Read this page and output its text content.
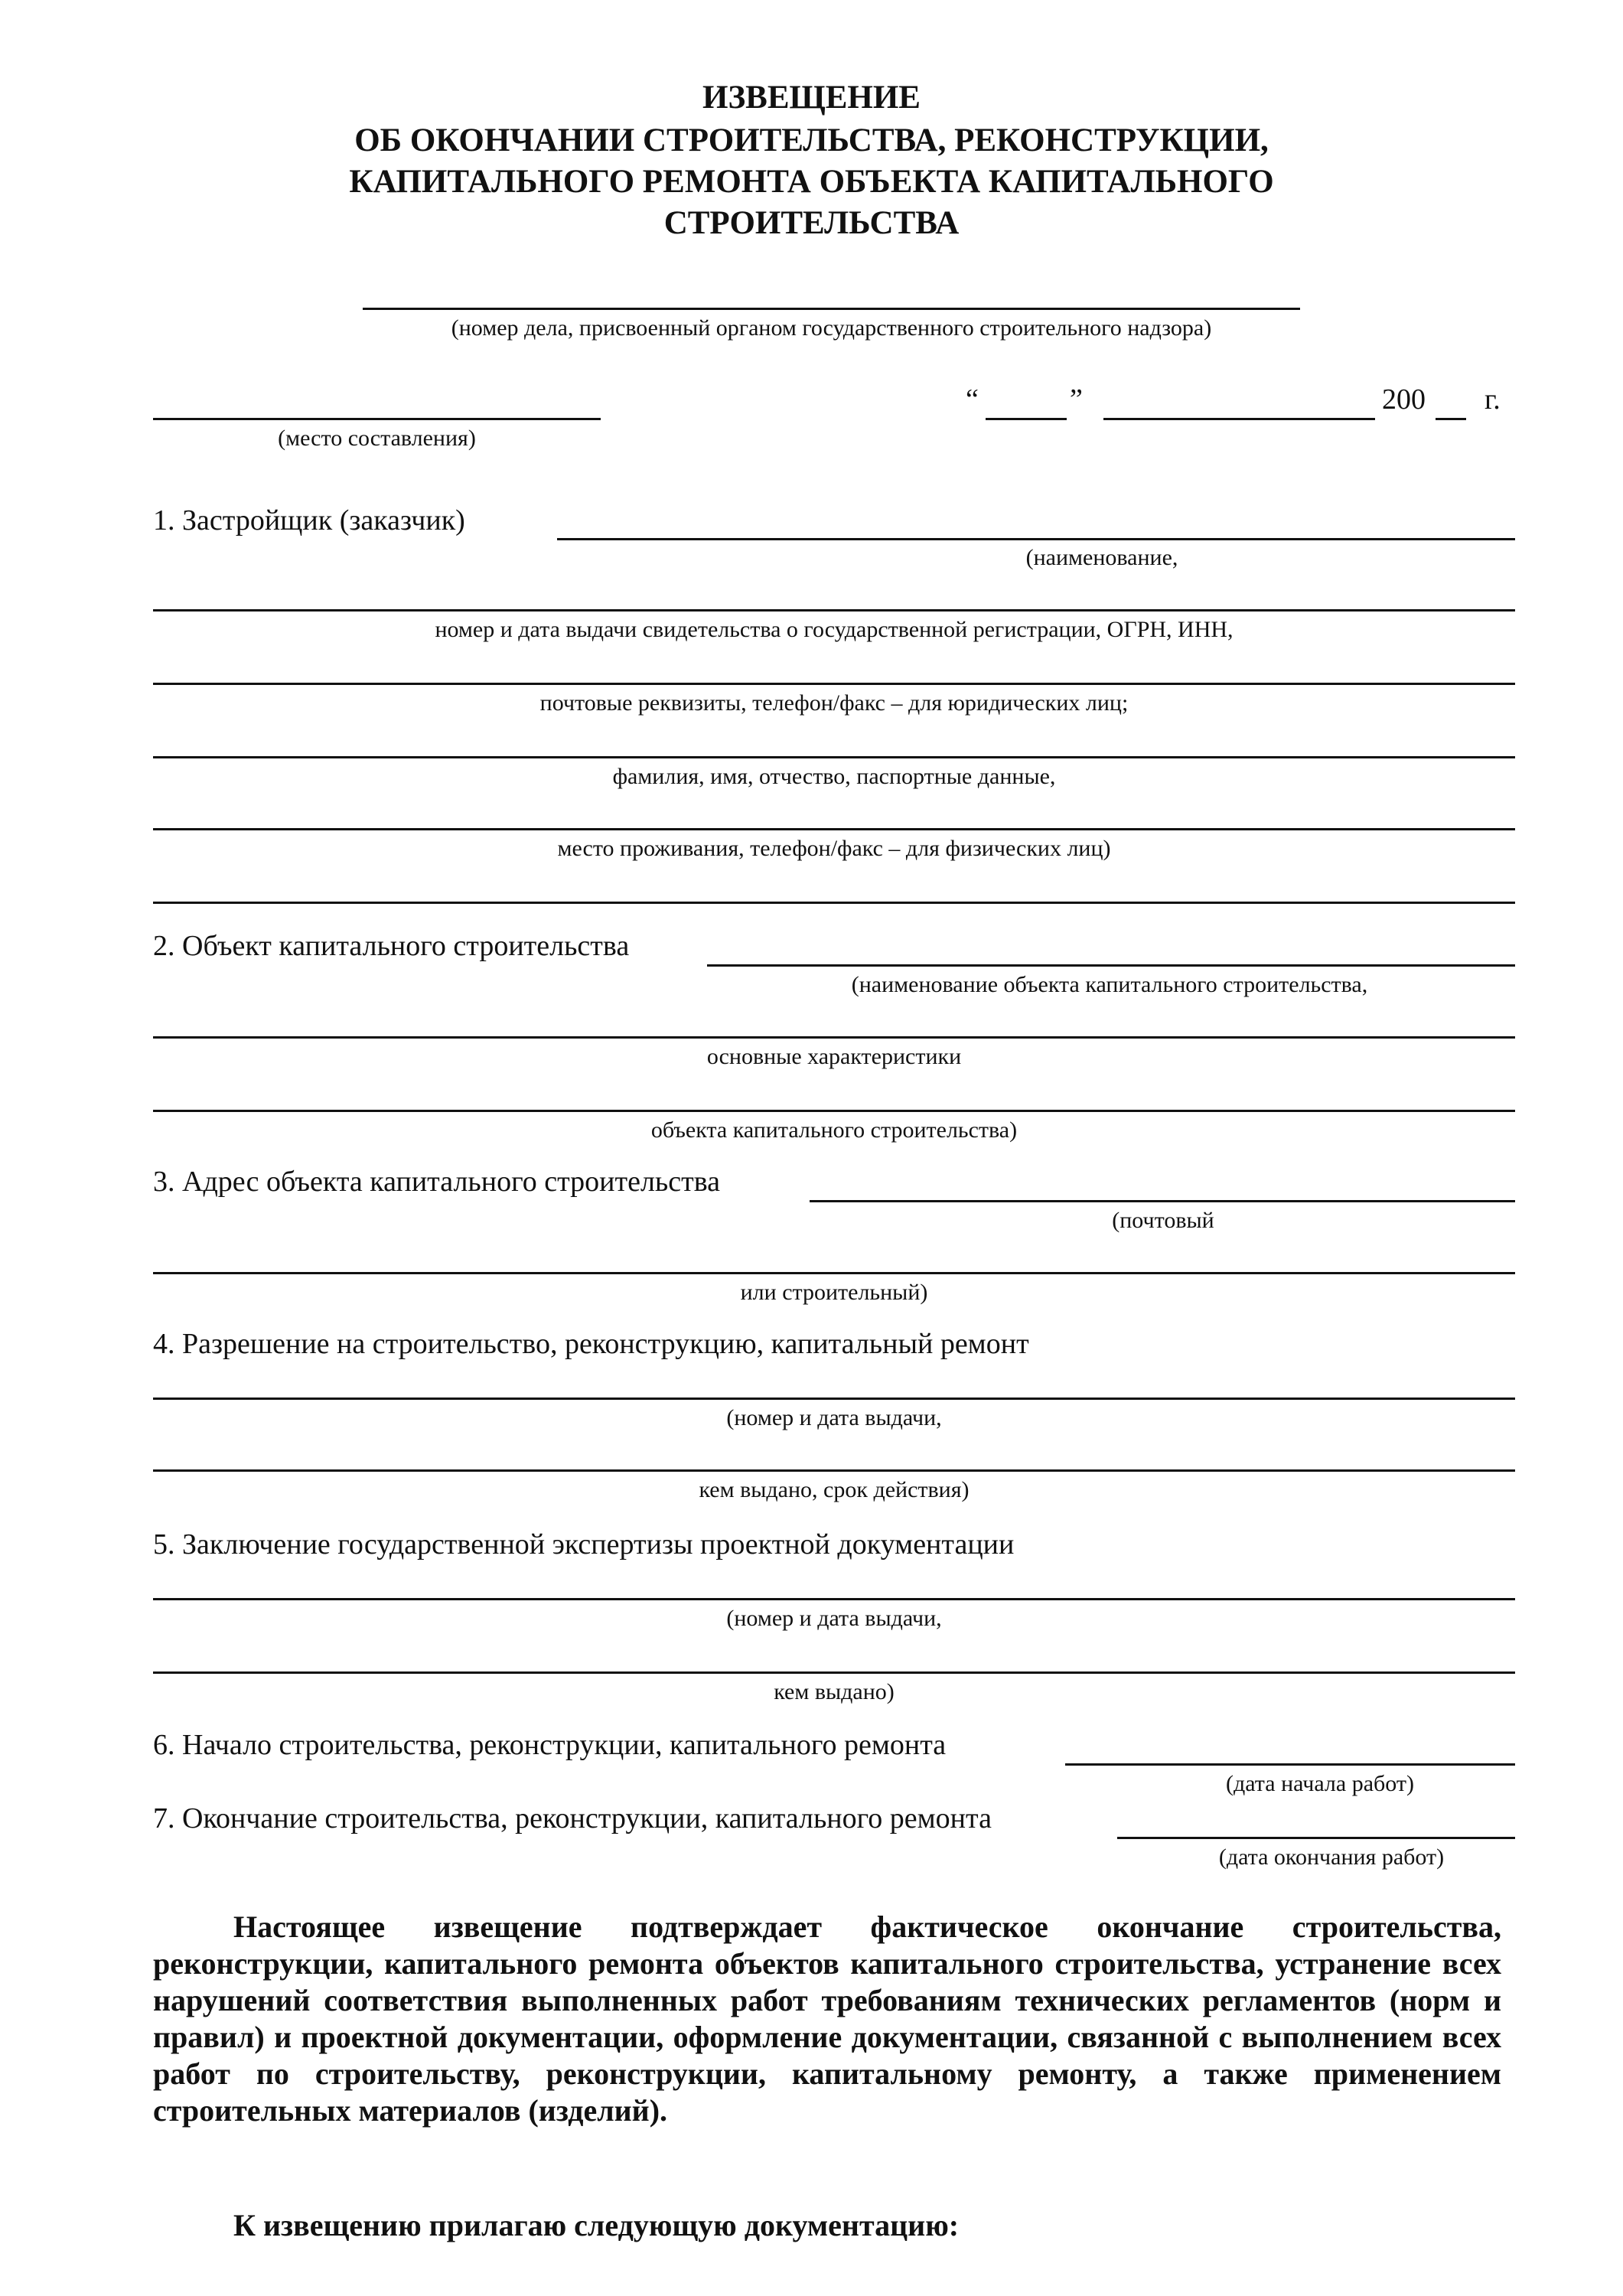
ИЗВЕЩЕНИЕ
ОБ ОКОНЧАНИИ СТРОИТЕЛЬСТВА, РЕКОНСТРУКЦИИ,
КАПИТАЛЬНОГО РЕМОНТА ОБЪЕКТА КАПИТАЛЬНОГО
СТРОИТЕЛЬСТВА
(номер дела, присвоенный органом государственного строительного надзора)
(место составления)
“	”	200 г.
1. Застройщик (заказчик)
(наименование,
номер и дата выдачи свидетельства о государственной регистрации, ОГРН, ИНН,
почтовые реквизиты, телефон/факс – для юридических лиц;
фамилия, имя, отчество, паспортные данные,
место проживания, телефон/факс – для физических лиц)
2. Объект капитального строительства
(наименование объекта капитального строительства,
основные характеристики
объекта капитального строительства)
3. Адрес объекта капитального строительства
(почтовый
или строительный)
4. Разрешение на строительство, реконструкцию, капитальный ремонт
(номер и дата выдачи,
кем выдано, срок действия)
5. Заключение государственной экспертизы проектной документации
(номер и дата выдачи,
кем выдано)
6. Начало строительства, реконструкции, капитального ремонта
(дата начала работ)
7. Окончание строительства, реконструкции, капитального ремонта
(дата окончания работ)
Настоящее извещение подтверждает фактическое окончание строительства, реконструкции, капитального ремонта объектов капитального строительства, устранение всех нарушений соответствия выполненных работ требованиям технических регламентов (норм и правил) и проектной документации, оформление документации, связанной с выполнением всех работ по строительству, реконструкции, капитальному ремонту, а также применением строительных материалов (изделий).
К извещению прилагаю следующую документацию:
